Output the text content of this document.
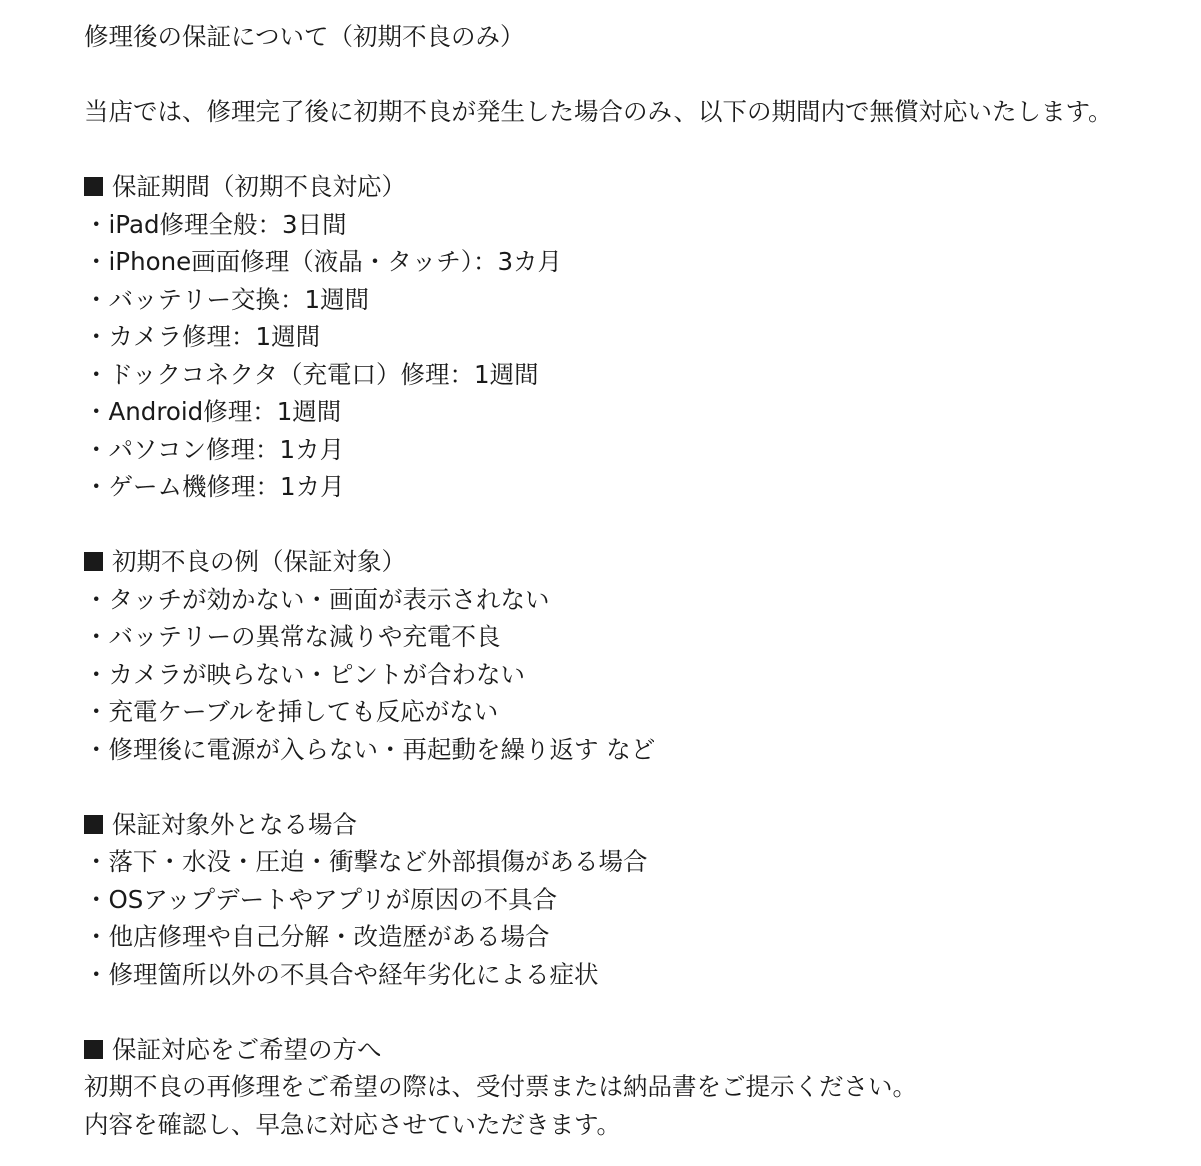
修理後の保証について（初期不良のみ）
当店では、修理完了後に初期不良が発生した場合のみ、以下の期間内で無償対応いたします。
保証期間（初期不良対応）
・iPad修理全般：3日間
・iPhone画面修理（液晶・タッチ）：3カ月
・バッテリー交換：1週間
・カメラ修理：1週間
・ドックコネクタ（充電口）修理：1週間
・Android修理：1週間
・パソコン修理：1カ月
・ゲーム機修理：1カ月
初期不良の例（保証対象）
・タッチが効かない・画面が表示されない
・バッテリーの異常な減りや充電不良
・カメラが映らない・ピントが合わない
・充電ケーブルを挿しても反応がない
・修理後に電源が入らない・再起動を繰り返す など
保証対象外となる場合
・落下・水没・圧迫・衝撃など外部損傷がある場合
・OSアップデートやアプリが原因の不具合
・他店修理や自己分解・改造歴がある場合
・修理箇所以外の不具合や経年劣化による症状
保証対応をご希望の方へ
初期不良の再修理をご希望の際は、受付票または納品書をご提示ください。
内容を確認し、早急に対応させていただきます。
